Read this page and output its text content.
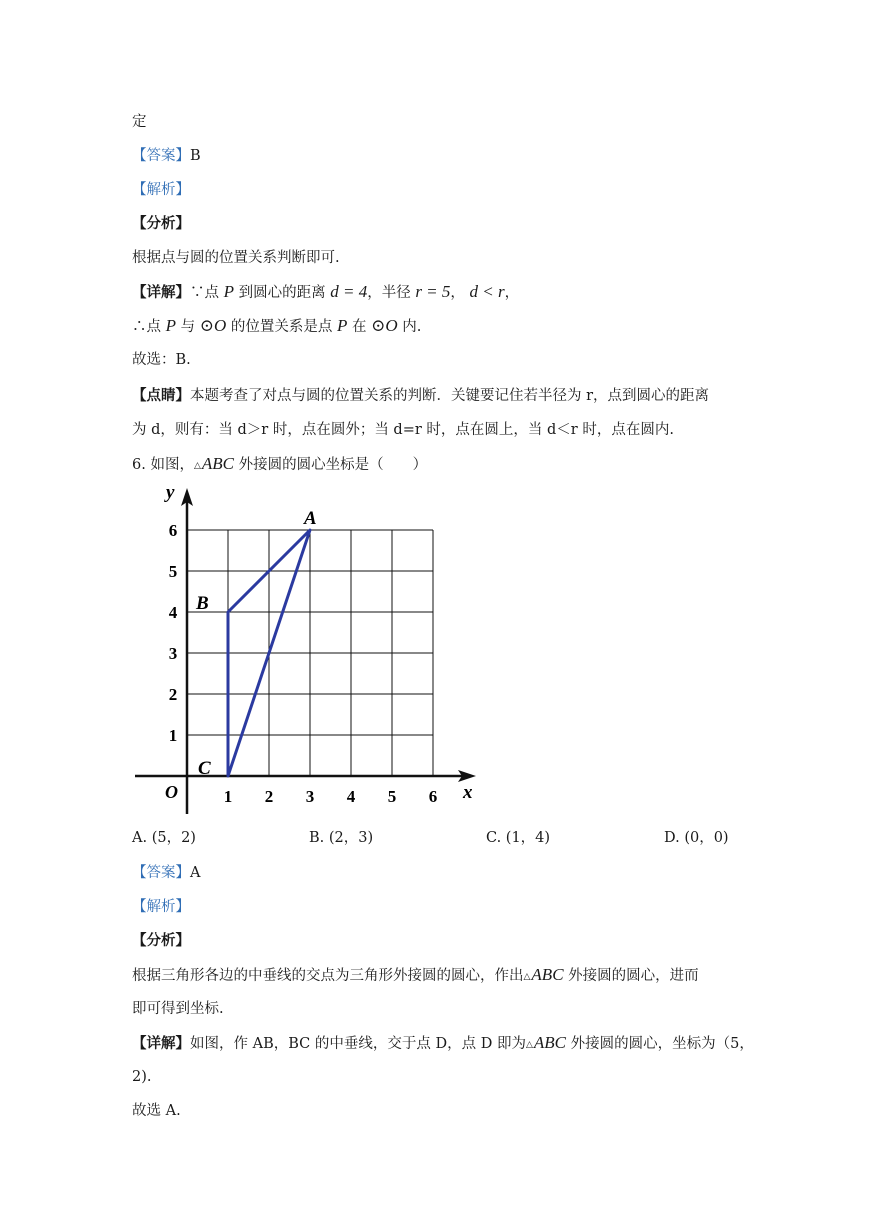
定
【答案】B
【解析】
【分析】
根据点与圆的位置关系判断即可.
【详解】∵点 P 到圆心的距离 d = 4，半径 r = 5， d < r，
∴点 P 与 ⊙O 的位置关系是点 P 在 ⊙O 内.
故选：B.
【点睛】本题考查了对点与圆的位置关系的判断．关键要记住若半径为 r，点到圆心的距离
为 d，则有：当 d＞r 时，点在圆外；当 d=r 时，点在圆上，当 d＜r 时，点在圆内.
6. 如图，△ABC 外接圆的圆心坐标是（　　）
x
y
O	1 2 3 4 5 6
1
2
3
4
5
6
A
B
C
A. (5，2)	B. (2，3)	C. (1，4)	D. (0，0)
【答案】A
【解析】
【分析】
根据三角形各边的中垂线的交点为三角形外接圆的圆心，作出△ABC 外接圆的圆心，进而
即可得到坐标.
【详解】如图，作 AB，BC 的中垂线，交于点 D，点 D 即为△ABC 外接圆的圆心，坐标为（5，
2).
故选 A.
